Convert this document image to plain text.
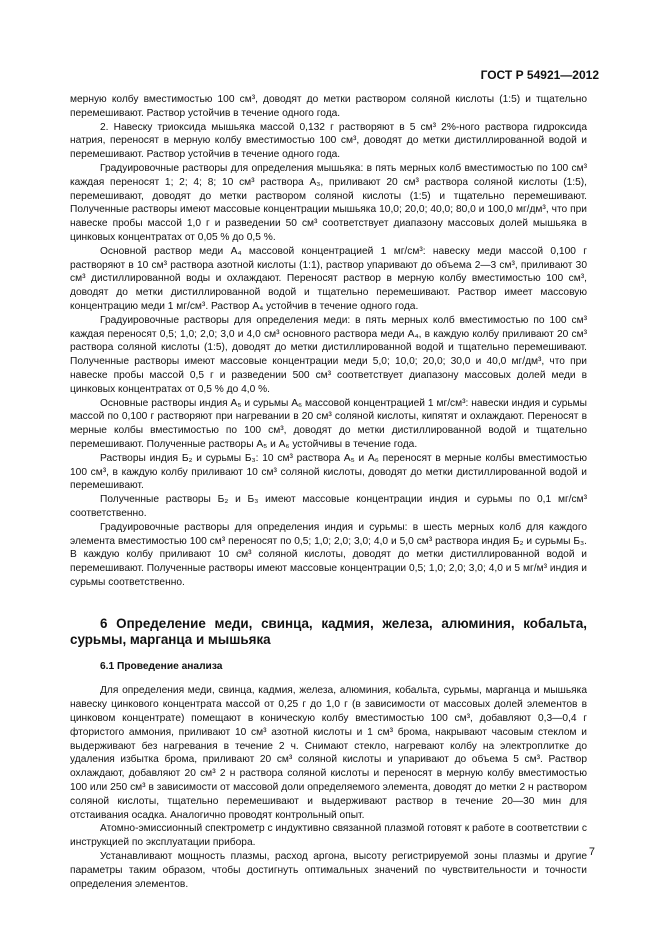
ГОСТ Р 54921—2012

мерную колбу вместимостью 100 см³, доводят до метки раствором соляной кислоты (1:5) и тщательно перемешивают. Раствор устойчив в течение одного года.

2. Навеску триоксида мышьяка массой 0,132 г растворяют в 5 см³ 2%-ного раствора гидроксида натрия, переносят в мерную колбу вместимостью 100 см³, доводят до метки дистиллированной водой и перемешивают. Раствор устойчив в течение одного года.

Градуировочные растворы для определения мышьяка: в пять мерных колб вместимостью по 100 см³ каждая переносят 1; 2; 4; 8; 10 см³ раствора А₃, приливают 20 см³ раствора соляной кислоты (1:5), перемешивают, доводят до метки раствором соляной кислоты (1:5) и тщательно перемешивают. Полученные растворы имеют массовые концентрации мышьяка 10,0; 20,0; 40,0; 80,0 и 100,0 мг/дм³, что при навеске пробы массой 1,0 г и разведении 50 см³ соответствует диапазону массовых долей мышьяка в цинковых концентратах от 0,05 % до 0,5 %.

Основной раствор меди А₄ массовой концентрацией 1 мг/см³: навеску меди массой 0,100 г растворяют в 10 см³ раствора азотной кислоты (1:1), раствор упаривают до объема 2—3 см³, приливают 30 см³ дистиллированной воды и охлаждают. Переносят раствор в мерную колбу вместимостью 100 см³, доводят до метки дистиллированной водой и тщательно перемешивают. Раствор имеет массовую концентрацию меди 1 мг/см³. Раствор А₄ устойчив в течение одного года.

Градуировочные растворы для определения меди: в пять мерных колб вместимостью по 100 см³ каждая переносят 0,5; 1,0; 2,0; 3,0 и 4,0 см³ основного раствора меди А₄, в каждую колбу приливают 20 см³ раствора соляной кислоты (1:5), доводят до метки дистиллированной водой и тщательно перемешивают. Полученные растворы имеют массовые концентрации меди 5,0; 10,0; 20,0; 30,0 и 40,0 мг/дм³, что при навеске пробы массой 0,5 г и разведении 500 см³ соответствует диапазону массовых долей меди в цинковых концентратах от 0,5 % до 4,0 %.

Основные растворы индия А₅ и сурьмы А₆ массовой концентрацией 1 мг/см³: навески индия и сурьмы массой по 0,100 г растворяют при нагревании в 20 см³ соляной кислоты, кипятят и охлаждают. Переносят в мерные колбы вместимостью по 100 см³, доводят до метки дистиллированной водой и тщательно перемешивают. Полученные растворы А₅ и А₆ устойчивы в течение года.

Растворы индия Б₂ и сурьмы Б₃: 10 см³ раствора А₅ и А₆ переносят в мерные колбы вместимостью 100 см³, в каждую колбу приливают 10 см³ соляной кислоты, доводят до метки дистиллированной водой и перемешивают.

Полученные растворы Б₂ и Б₃ имеют массовые концентрации индия и сурьмы по 0,1 мг/см³ соответственно.

Градуировочные растворы для определения индия и сурьмы: в шесть мерных колб для каждого элемента вместимостью 100 см³ переносят по 0,5; 1,0; 2,0; 3,0; 4,0 и 5,0 см³ раствора индия Б₂ и сурьмы Б₃. В каждую колбу приливают 10 см³ соляной кислоты, доводят до метки дистиллированной водой и перемешивают. Полученные растворы имеют массовые концентрации 0,5; 1,0; 2,0; 3,0; 4,0 и 5 мг/м³ индия и сурьмы соответственно.

6 Определение меди, свинца, кадмия, железа, алюминия, кобальта, сурьмы, марганца и мышьяка

6.1 Проведение анализа

Для определения меди, свинца, кадмия, железа, алюминия, кобальта, сурьмы, марганца и мышьяка навеску цинкового концентрата массой от 0,25 г до 1,0 г (в зависимости от массовых долей элементов в цинковом концентрате) помещают в коническую колбу вместимостью 100 см³, добавляют 0,3—0,4 г фтористого аммония, приливают 10 см³ азотной кислоты и 1 см³ брома, накрывают часовым стеклом и выдерживают без нагревания в течение 2 ч. Снимают стекло, нагревают колбу на электроплитке до удаления избытка брома, приливают 20 см³ соляной кислоты и упаривают до объема 5 см³. Раствор охлаждают, добавляют 20 см³ 2 н раствора соляной кислоты и переносят в мерную колбу вместимостью 100 или 250 см³ в зависимости от массовой доли определяемого элемента, доводят до метки 2 н раствором соляной кислоты, тщательно перемешивают и выдерживают раствор в течение 20—30 мин для отстаивания осадка. Аналогично проводят контрольный опыт.

Атомно-эмиссионный спектрометр с индуктивно связанной плазмой готовят к работе в соответствии с инструкцией по эксплуатации прибора.

Устанавливают мощность плазмы, расход аргона, высоту регистрируемой зоны плазмы и другие параметры таким образом, чтобы достигнуть оптимальных значений по чувствительности и точности определения элементов.

7
